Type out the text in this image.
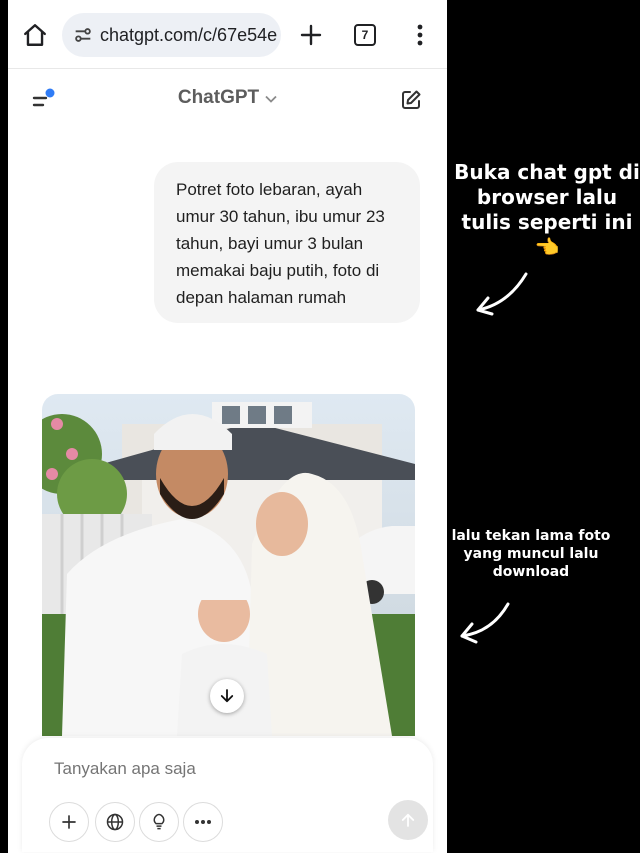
chatgpt.com/c/67e54e	7
ChatGPT
Potret foto lebaran, ayah umur 30 tahun, ibu umur 23 tahun, bayi umur 3 bulan memakai baju putih, foto di depan halaman rumah
Tanyakan apa saja
Buka chat gpt di browser lalu tulis seperti ini 👈
lalu tekan lama foto yang muncul lalu download
